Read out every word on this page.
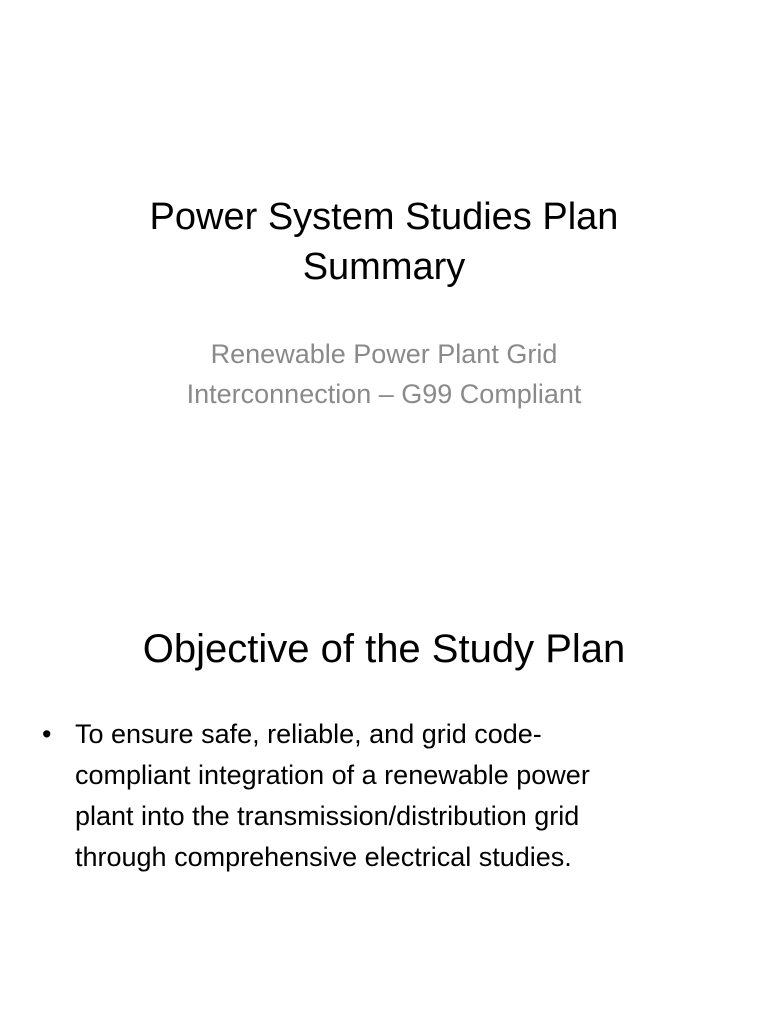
Power System Studies Plan
Summary
Renewable Power Plant Grid
Interconnection – G99 Compliant
Objective of the Study Plan
• To ensure safe, reliable, and grid code-
compliant integration of a renewable power
plant into the transmission/distribution grid
through comprehensive electrical studies.
